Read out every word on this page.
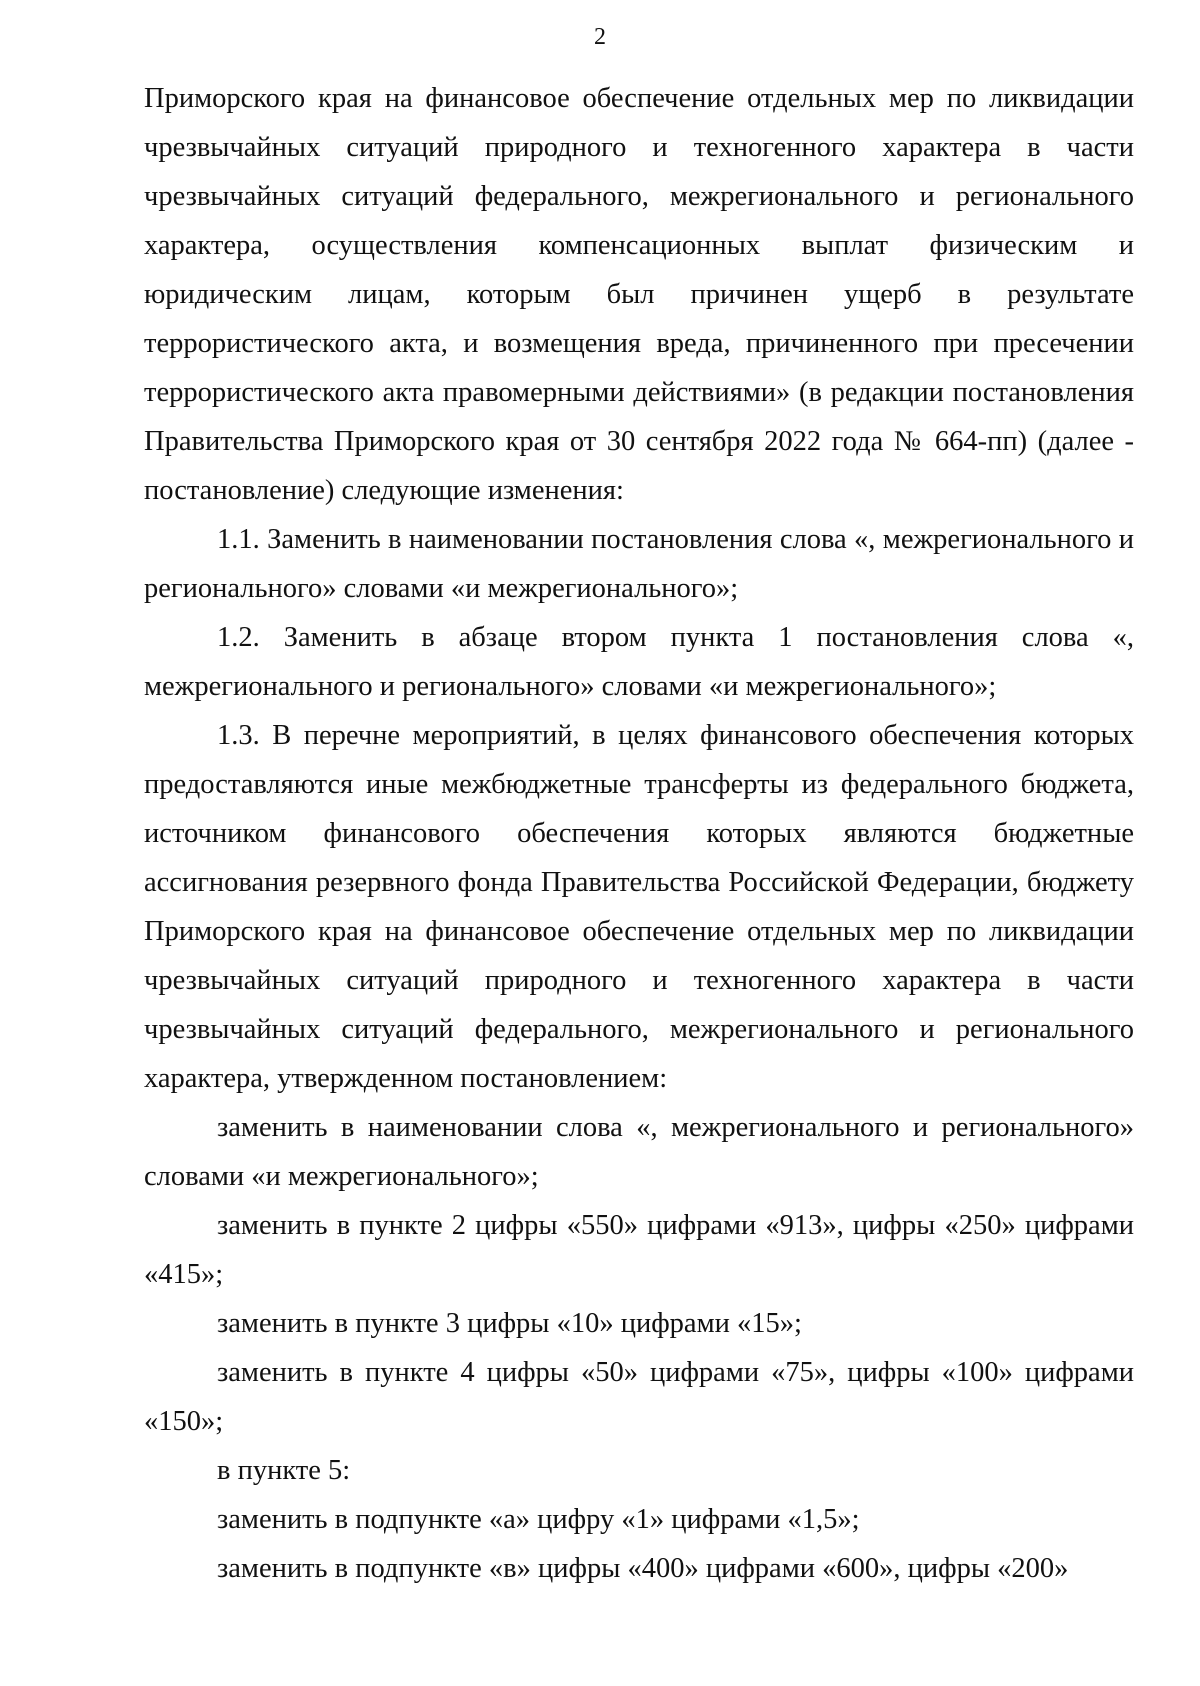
2

Приморского края на финансовое обеспечение отдельных мер по ликвидации чрезвычайных ситуаций природного и техногенного характера в части чрезвычайных ситуаций федерального, межрегионального и регионального характера, осуществления компенсационных выплат физическим и юридическим лицам, которым был причинен ущерб в результате террористического акта, и возмещения вреда, причиненного при пресечении террористического акта правомерными действиями» (в редакции постановления Правительства Приморского края от 30 сентября 2022 года № 664-пп) (далее - постановление) следующие изменения:

1.1. Заменить в наименовании постановления слова «, межрегионального и регионального» словами «и межрегионального»;

1.2. Заменить в абзаце втором пункта 1 постановления слова «, межрегионального и регионального» словами «и межрегионального»;

1.3. В перечне мероприятий, в целях финансового обеспечения которых предоставляются иные межбюджетные трансферты из федерального бюджета, источником финансового обеспечения которых являются бюджетные ассигнования резервного фонда Правительства Российской Федерации, бюджету Приморского края на финансовое обеспечение отдельных мер по ликвидации чрезвычайных ситуаций природного и техногенного характера в части чрезвычайных ситуаций федерального, межрегионального и регионального характера, утвержденном постановлением:

заменить в наименовании слова «, межрегионального и регионального» словами «и межрегионального»;

заменить в пункте 2 цифры «550» цифрами «913», цифры «250» цифрами «415»;

заменить в пункте 3 цифры «10» цифрами «15»;

заменить в пункте 4 цифры «50» цифрами «75», цифры «100» цифрами «150»;

в пункте 5:

заменить в подпункте «а» цифру «1» цифрами «1,5»;

заменить в подпункте «в» цифры «400» цифрами «600», цифры «200»
